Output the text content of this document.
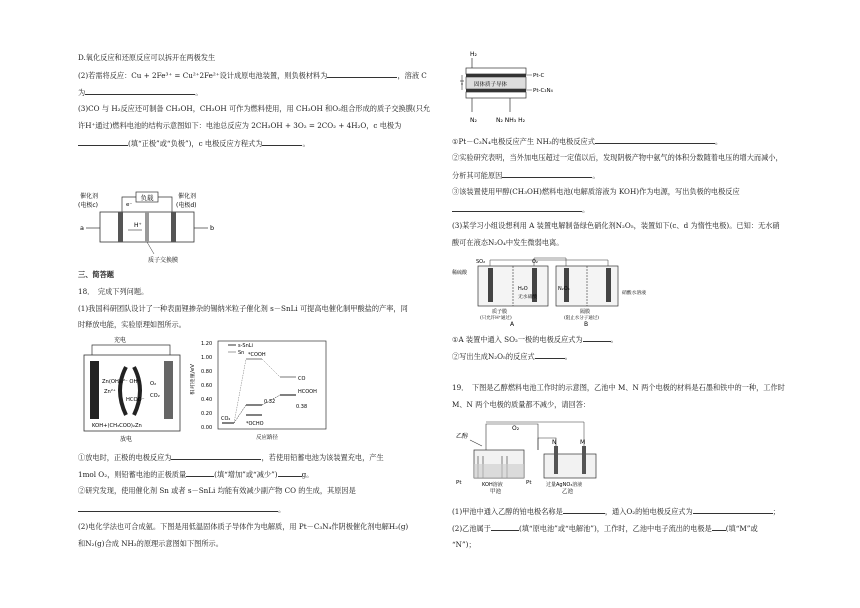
D.氧化反应和还原反应可以拆开在两极发生
(2)若需将反应：Cu + 2Fe³⁺ = Cu²⁺2Fe²⁺设计成原电池装置，则负极材料为	，溶液 C
为	。
(3)CO 与 H₂反应还可制备 CH₃OH，CH₃OH 可作为燃料使用，用 CH₃OH 和O₂组合形成的质子交换膜(只允
许H⁺通过)燃料电池的结构示意图如下：电池总反应为 2CH₃OH + 3O₂ = 2CO₂ + 4H₂O，c 电极为
(填“正极”或“负极”)，c 电极反应方程式为	。
负载
e⁻
催化剂
(电极c)
催化剂
(电极d)
a	b
H⁺
质子交换膜
三、简答题
18．　完成下列问题。
(1)我国科研团队设计了一种表面锂掺杂的锡纳米粒子催化剂 s－SnLi 可提高电催化制甲酸盐的产率，同
时释放电能，实验原理如图所示。
充电
Zn(OH)₄²⁻ OH⁻
Zn²⁺
HCOO⁻
O₂
CO₂
KOH+(CH₃COO)₂Zn
放电
相对能量/eV
1.20
1.00
0.80
0.60
0.40
0.20
0.00
s-SnLi
Sn
CO₂
*COOH
CO
0.32
*OCHO
HCOOH
0.38
反应路径
①放电时，正极的电极反应为	，若使用铅蓄电池为该装置充电，产生
1mol O₂，则铅蓄电池的正极质量	(填“增加”或“减少”)	g。
②研究发现，使用催化剂 Sn 或者 s－SnLi 均能有效减少副产物 CO 的生成，其原因是
。
(2)电化学法也可合成氨。下图是用低温固体质子导体作为电解质，用 Pt－C₃N₄作阴极催化剂电解H₂(g)
和N₂(g)合成 NH₃的原理示意图如下图所示。
H₂
固体质子导体
Pt-C
Pt-C₃N₄
N₂	N₂ NH₃ H₂
①Pt－C₃N₄电极反应产生 NH₃的电极反应式	。
②实验研究表明，当外加电压超过一定值以后，发现阴极产物中氨气的体积分数随着电压的增大而减小，
分析其可能原因	。
③该装置使用甲醇(CH₃OH)燃料电池(电解质溶液为 KOH)作为电源，写出负极的电极反应
。
(3)某学习小组设想利用 A 装置电解制备绿色硝化剂N₂O₅，装置如下(c、d 为惰性电极)。已知：无水硝
酸可在液态N₂O₄中发生微弱电离。
稀硫酸
SO₂	O₂
H₂O
无水硝酸
质子膜
(只允许H⁺通过)
A
N₂O₄
硝酸水溶液
隔膜
(阻止水分子通过)
B
①A 装置中通入 SO₂一极的电极反应式为	。
②写出生成N₂O₅的反应式	。
19．　下图是乙醇燃料电池工作时的示意图，乙池中 M、N 两个电极的材料是石墨和铁中的一种，工作时
M、N 两个电极的质量都不减少，请回答：
乙醇
O₂
Pt	Pt
KOH溶液
甲池
N	M
过量AgNO₃溶液
乙池
(1)甲池中通入乙醇的铂电极名称是	，通入O₂的铂电极反应式为	；
(2)乙池属于	(填“原电池”或“电解池”)，工作时，乙池中电子流出的电极是 (填“M”或
“N”)；
